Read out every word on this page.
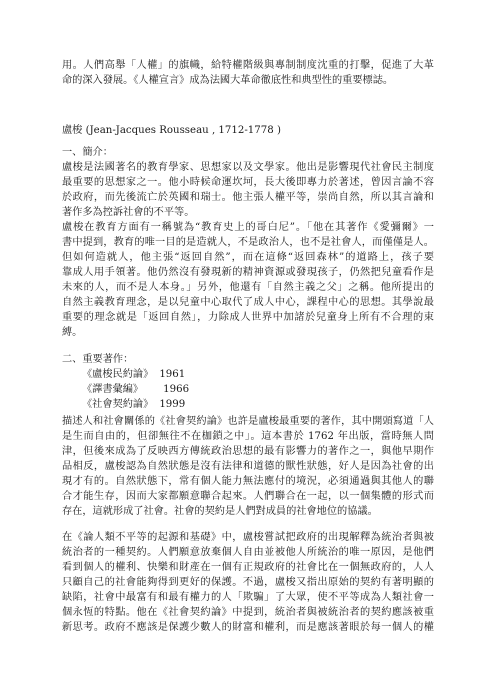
用。人們高舉「人權」的旗幟，給特權階級與專制制度沈重的打擊，促進了大革
命的深入發展。《人權宣言》成為法國大革命徹底性和典型性的重要標誌。
盧梭 (Jean-Jacques Rousseau , 1712-1778 )
一、簡介：
盧梭是法國著名的教育學家、思想家以及文學家。他出是影響現代社會民主制度
最重要的思想家之一。他小時候命運坎坷，長大後即專力於著述，曾因言論不容
於政府，而先後流亡於英國和瑞士。他主張人權平等，崇尚自然，所以其言論和
著作多為控訴社會的不平等。
盧梭在教育方面有一稱號為“教育史上的哥白尼”。「他在其著作《愛彌爾》一
書中提到，教育的唯一目的是造就人，不是政治人，也不是社會人，而僅僅是人。
但如何造就人，他主張“返回自然”，而在這條“返回森林”的道路上，孩子要
靠成人用手領著。他仍然沒有發現新的精神資源或發現孩子，仍然把兒童看作是
未來的人，而不是人本身。」另外，他還有「自然主義之父」之稱。他所提出的
自然主義教育理念，是以兒童中心取代了成人中心，課程中心的思想。其學說最
重要的理念就是「返回自然」，力除成人世界中加諸於兒童身上所有不合理的束
縛。
二、重要著作：
《盧梭民約論》 1961
《譯書彙編》 1966
《社會契約論》 1999
描述人和社會關係的《社會契約論》也許是盧梭最重要的著作，其中開頭寫道「人
是生而自由的，但卻無往不在枷鎖之中」。這本書於 1762 年出版，當時無人問
津，但後來成為了反映西方傳統政治思想的最有影響力的著作之一，與他早期作
品相反，盧梭認為自然狀態是沒有法律和道德的獸性狀態，好人是因為社會的出
現才有的。自然狀態下，常有個人能力無法應付的境況，必須通過與其他人的聯
合才能生存，因而大家都願意聯合起來。人們聯合在一起，以一個集體的形式而
存在，這就形成了社會。社會的契約是人們對成員的社會地位的協議。
在《論人類不平等的起源和基礎》中，盧梭嘗試把政府的出現解釋為統治者與被
統治者的一種契約。人們願意放棄個人自由並被他人所統治的唯一原因，是他們
看到個人的權利、快樂和財產在一個有正規政府的社會比在一個無政府的，人人
只顧自己的社會能夠得到更好的保護。不過，盧梭又指出原始的契約有著明顯的
缺陷，社會中最富有和最有權力的人「欺騙」了大眾，使不平等成為人類社會一
個永恆的特點。他在《社會契約論》中提到，統治者與被統治者的契約應該被重
新思考。政府不應該是保護少數人的財富和權利，而是應該著眼於每一個人的權
